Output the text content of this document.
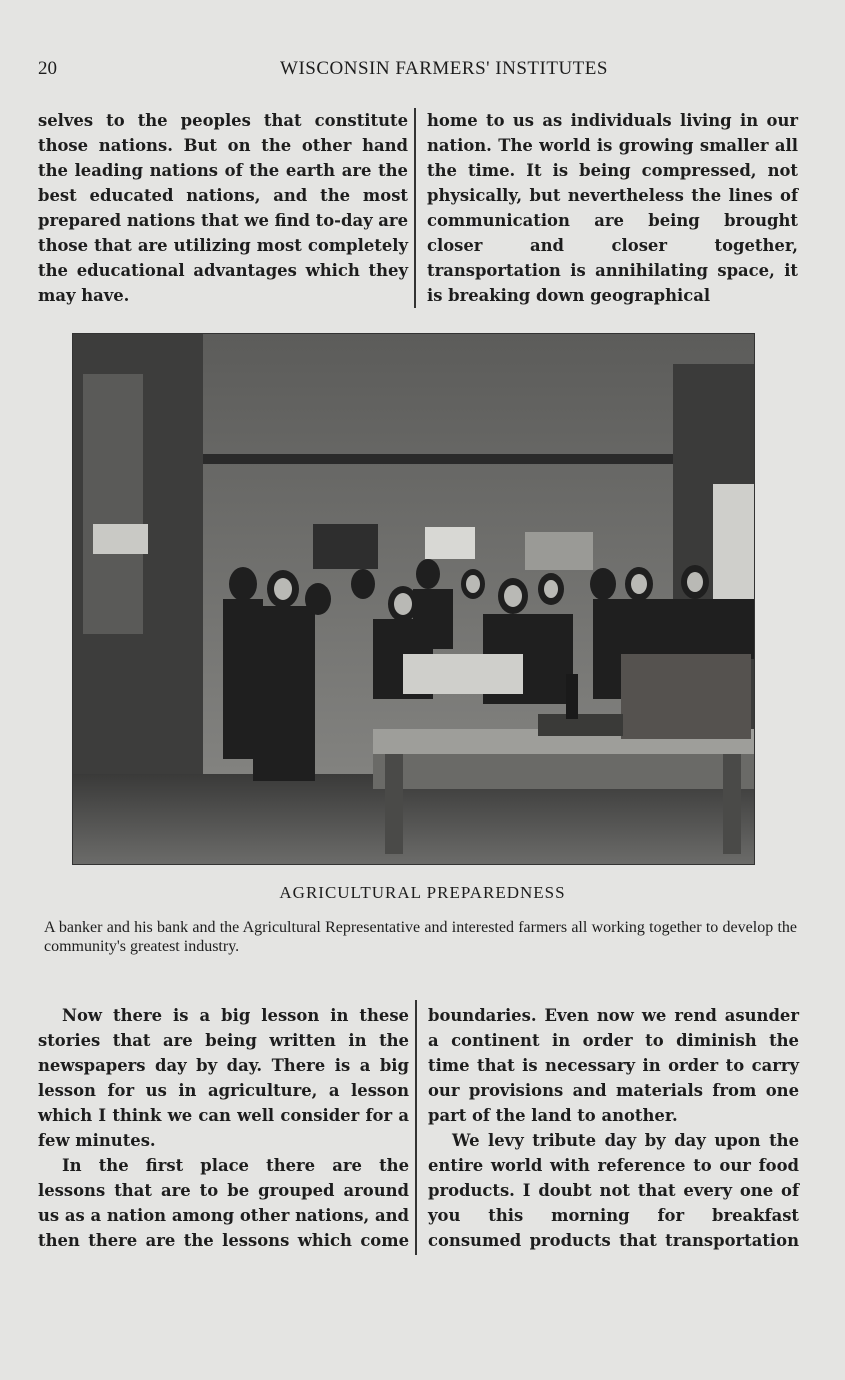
20	WISCONSIN FARMERS' INSTITUTES

selves to the peoples that constitute those nations. But on the other hand the leading nations of the earth are the best educated nations, and the most prepared nations that we find to-day are those that are utilizing most completely the educational advantages which they may have.

home to us as individuals living in our nation. The world is growing smaller all the time. It is being compressed, not physically, but nevertheless the lines of communication are being brought closer and closer together, transportation is annihilating space, it is breaking down geographical

AGRICULTURAL PREPAREDNESS
A banker and his bank and the Agricultural Representative and interested farmers all working together to develop the community's greatest industry.

Now there is a big lesson in these stories that are being written in the newspapers day by day. There is a big lesson for us in agriculture, a lesson which I think we can well consider for a few minutes.

In the first place there are the lessons that are to be grouped around us as a nation among other nations, and then there are the lessons which come

boundaries. Even now we rend asunder a continent in order to diminish the time that is necessary in order to carry our provisions and materials from one part of the land to another.

We levy tribute day by day upon the entire world with reference to our food products. I doubt not that every one of you this morning for breakfast consumed products that transportation
